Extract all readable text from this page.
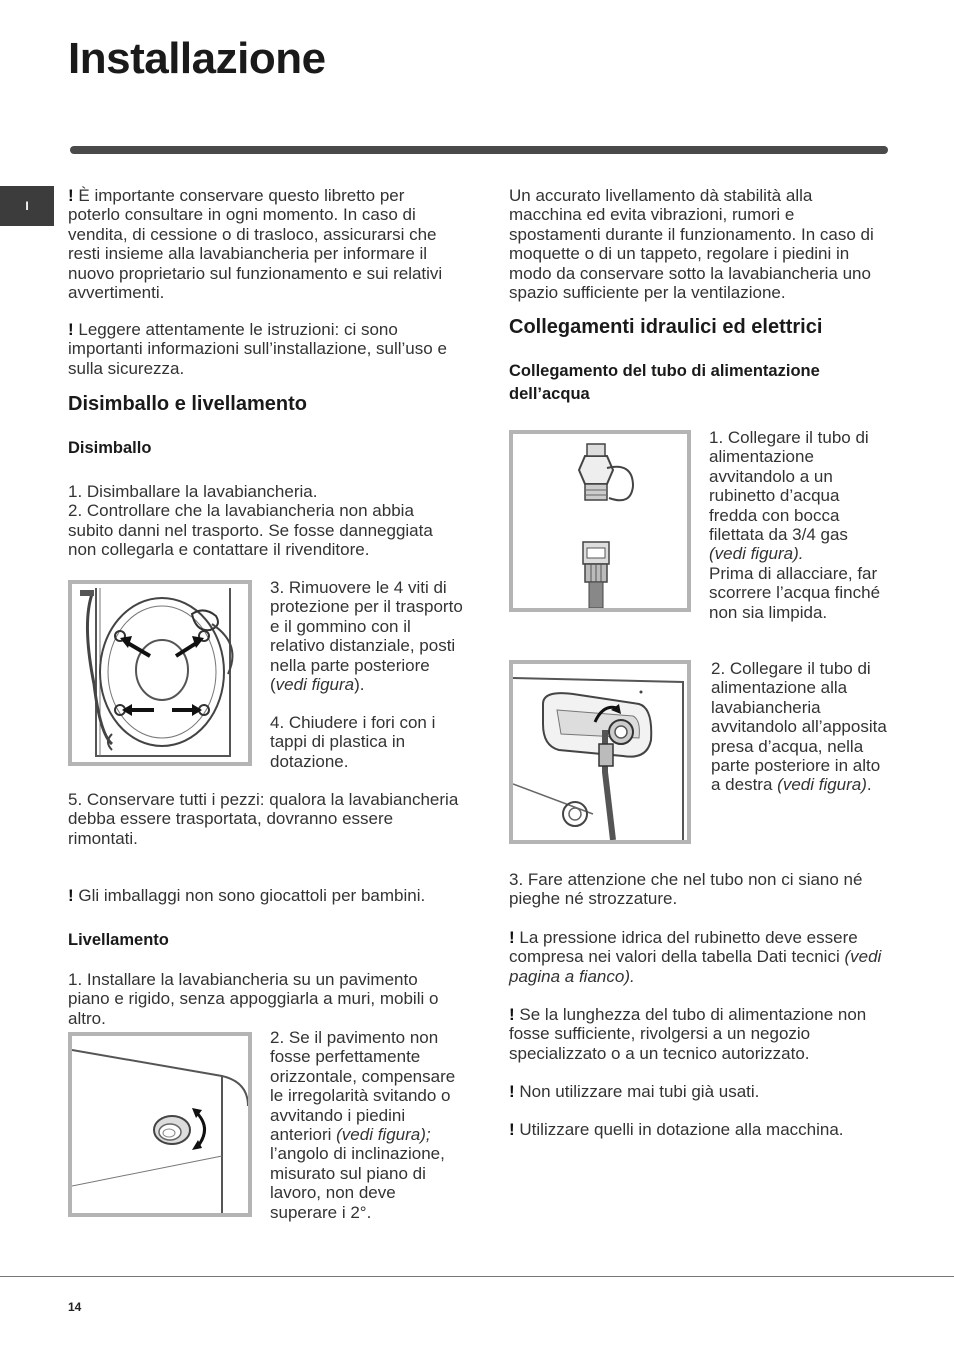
Installazione
I

! È importante conservare questo libretto per poterlo consultare in ogni momento. In caso di vendita, di cessione o di trasloco, assicurarsi che resti insieme alla lavabiancheria per informare il nuovo proprietario sul funzionamento e sui relativi avvertimenti.

! Leggere attentamente le istruzioni: ci sono importanti informazioni sull’installazione, sull’uso e sulla sicurezza.

Disimballo e livellamento
Disimballo
1. Disimballare la lavabiancheria.
2. Controllare che la lavabiancheria non abbia subito danni nel trasporto. Se fosse danneggiata non collegarla e contattare il rivenditore.

3. Rimuovere le 4 viti di protezione per il trasporto e il gommino con il relativo distanziale, posti nella parte posteriore (vedi figura).

4. Chiudere i fori con i tappi di plastica in dotazione.
5. Conservare tutti i pezzi: qualora la lavabiancheria debba essere trasportata, dovranno essere rimontati.

! Gli imballaggi non sono giocattoli per bambini.

Livellamento
1. Installare la lavabiancheria su un pavimento piano e rigido, senza appoggiarla a muri, mobili o altro.

2. Se il pavimento non fosse perfettamente orizzontale, compensare le irregolarità svitando o avvitando i piedini anteriori (vedi figura); l’angolo di inclinazione, misurato sul piano di lavoro, non deve superare i 2°.

Un accurato livellamento dà stabilità alla macchina ed evita vibrazioni, rumori e spostamenti durante il funzionamento. In caso di moquette o di un tappeto, regolare i piedini in modo da conservare sotto la lavabiancheria uno spazio sufficiente per la ventilazione.
Collegamenti idraulici ed elettrici
Collegamento del tubo di alimentazione dell’acqua

1. Collegare il tubo di alimentazione avvitandolo a un rubinetto d’acqua fredda con bocca filettata da 3/4 gas (vedi figura).
Prima di allacciare, far scorrere l’acqua finché non sia limpida.

2. Collegare il tubo di alimentazione alla lavabiancheria avvitandolo all’apposita presa d’acqua, nella parte posteriore in alto a destra (vedi figura).

3. Fare attenzione che nel tubo non ci siano né pieghe né strozzature.

! La pressione idrica del rubinetto deve essere compresa nei valori della tabella Dati tecnici (vedi pagina a fianco).

! Se la lunghezza del tubo di alimentazione non fosse sufficiente, rivolgersi a un negozio specializzato o a un tecnico autorizzato.

! Non utilizzare mai tubi già usati.

! Utilizzare quelli in dotazione alla macchina.

14
